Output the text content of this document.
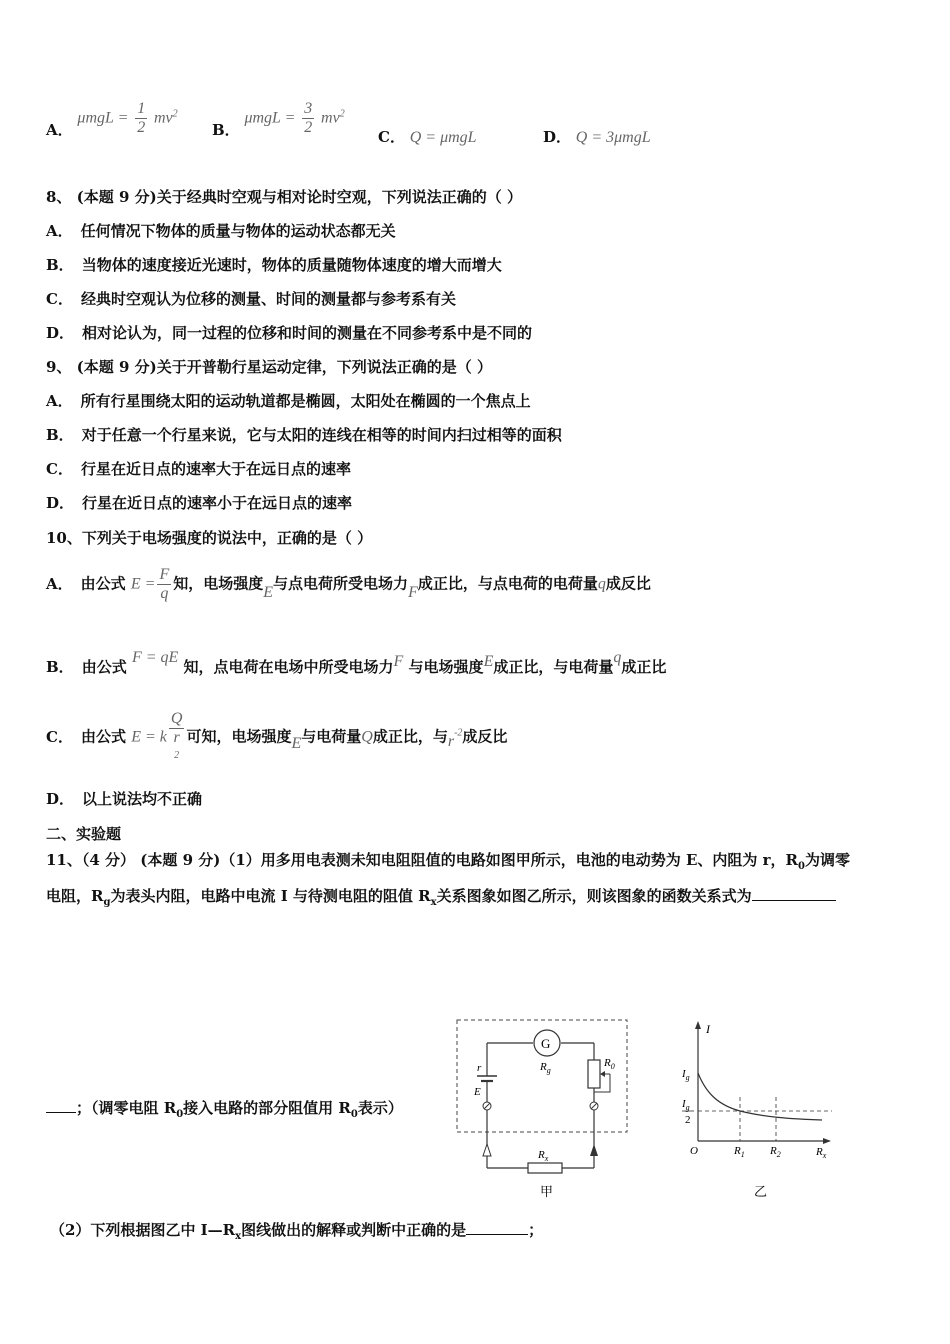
A． $\mu mgL = \frac{1}{2} mv^2$
B． $\mu mgL = \frac{3}{2} mv^2$
C． Q = μmgL	D． Q = 3μmgL
8、 (本题 9 分)关于经典时空观与相对论时空观，下列说法正确的（ ）
A． 任何情况下物体的质量与物体的运动状态都无关
B． 当物体的速度接近光速时，物体的质量随物体速度的增大而增大
C． 经典时空观认为位移的测量、时间的测量都与参考系有关
D． 相对论认为，同一过程的位移和时间的测量在不同参考系中是不同的
9、 (本题 9 分)关于开普勒行星运动定律，下列说法正确的是（ ）
A． 所有行星围绕太阳的运动轨道都是椭圆，太阳处在椭圆的一个焦点上
B． 对于任意一个行星来说，它与太阳的连线在相等的时间内扫过相等的面积
C． 行星在近日点的速率大于在远日点的速率
D． 行星在近日点的速率小于在远日点的速率
10、下列关于电场强度的说法中，正确的是（ ）
A． 由公式 $E = \frac{F}{q}$ 知，电场强度E与点电荷所受电场力F成正比，与点电荷的电荷量q成反比
B． 由公式 F = qE 知，点电荷在电场中所受电场力F 与电场强度E成正比，与电荷量q成正比
C． 由公式 E = k Q
r
2 可知，电场强度E与电荷量Q成正比，与$r^{-2}$成反比
D． 以上说法均不正确
二、实验题
11、（4 分） (本题 9 分)（1）用多用电表测未知电阻阻值的电路如图甲所示，电池的电动势为 E、内阻为 r，$R_0$为调零
电阻，$R_g$为表头内阻，电路中电流 I 与待测电阻的阻值 $R_x$关系图象如图乙所示，则该图象的函数关系式为
；（调零电阻 $R_0$接入电路的部分阻值用 $R_0$表示）
G
$R_g$
r
E
$R_0$
$R_x$
甲
I
$R_x$
O
$I_g$
$I_g$
2
$R_1$ $R_2$
乙
（2）下列根据图乙中 $I—R_x$图线做出的解释或判断中正确的是	；
